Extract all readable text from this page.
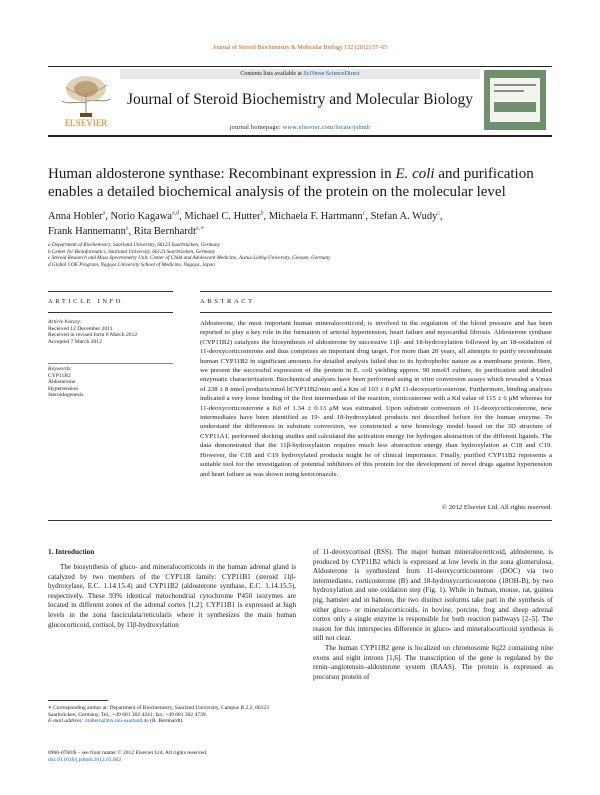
Journal of Steroid Biochemistry & Molecular Biology 132 (2012) 57–65
ELSEVIER
Contents lists available at SciVerse ScienceDirect
Journal of Steroid Biochemistry and Molecular Biology
journal homepage: www.elsevier.com/locate/jsbmb
Human aldosterone synthase: Recombinant expression in E. coli and purification enables a detailed biochemical analysis of the protein on the molecular level
Anna Hobler$^a$, Norio Kagawa$^{a,d}$, Michael C. Hutter$^b$, Michaela F. Hartmann$^c$, Stefan A. Wudy$^c$,
Frank Hannemann$^a$, Rita Bernhardt$^{a,∗}$
a Department of Biochemistry, Saarland University, 66123 Saarbrücken, Germany
b Center for Bioinformatics, Saarland University, 66123 Saarbrücken, Germany
c Steroid Research and Mass Spectrometry Unit, Center of Child and Adolescent Medicine, Justus-Liebig-University, Giessen, Germany
d Global COE Program, Nagoya University School of Medicine, Nagoya, Japan
ARTICLE INFO	ABSTRACT
Article history:
Received 12 December 2011
Received in revised form 6 March 2012
Accepted 7 March 2012
Keywords:
CYP11B2
Aldosterone
Hypertension
Steroidogenesis
Aldosterone, the most important human mineralocorticoid, is involved in the regulation of the blood pressure and has been reported to play a key role in the formation of arterial hypertension, heart failure and myocardial fibrosis. Aldosterone synthase (CYP11B2) catalyzes the biosynthesis of aldosterone by successive 11β- and 18-hydroxylation followed by an 18-oxidation of 11-deoxycorticosterone and thus comprises an important drug target. For more than 20 years, all attempts to purify recombinant human CYP11B2 in significant amounts for detailed analysis failed due to its hydrophobic nature as a membrane protein. Here, we present the successful expression of the protein in E. coli yielding approx. 90 nmol/l culture, its purification and detailed enzymatic characterization. Biochemical analyses have been performed using in vitro conversion assays which revealed a Vmax of 238 ± 8 nmol products/nmol hCYP11B2/min and a Km of 103 ± 8 μM 11-deoxycorticosterone. Furthermore, binding analyses indicated a very loose binding of the first intermediate of the reaction, corticosterone with a Kd value of 115 ± 6 μM whereas for 11-deoxycorticosterone a Kd of 1.34 ± 0.13 μM was estimated. Upon substrate conversion of 11-deoxycorticosterone, new intermediates have been identified as 19- and 18-hydroxylated products not described before for the human enzyme. To understand the differences in substrate conversion, we constructed a new homology model based on the 3D structure of CYP11A1, performed docking studies and calculated the activation energy for hydrogen abstraction of the different ligands. The data demonstrated that the 11β-hydroxylation requires much less abstraction energy than hydroxylation at C18 and C19. However, the C18 and C19 hydroxylated products might be of clinical importance. Finally, purified CYP11B2 represents a suitable tool for the investigation of potential inhibitors of this protein for the development of novel drugs against hypertension and heart failure as was shown using ketoconazole.
© 2012 Elsevier Ltd. All rights reserved.
1. Introduction
The biosynthesis of gluco- and mineralocorticoids in the human adrenal gland is catalyzed by two members of the CYP11B family: CYP11B1 (steroid 11β-hydroxylase, E.C. 1.14.15.4) and CYP11B2 (aldosterone synthase, E.C. 1.14.15.5), respectively. These 93% identical mitochondrial cytochrome P450 isozymes are located in different zones of the adrenal cortex [1,2]. CYP11B1 is expressed at high levels in the zona fasciculata/reticularis where it synthesizes the main human glucocorticoid, cortisol, by 11β-hydroxylation

of 11-deoxycortisol (RSS). The major human mineralocorticoid, aldosterone, is produced by CYP11B2 which is expressed at low levels in the zona glomerulosa. Aldosterone is synthesized from 11-deoxycorticosterone (DOC) via two intermediates, corticosterone (B) and 18-hydroxycorticosterone (18OH-B), by two hydroxylation and one oxidation step (Fig. 1). While in human, mouse, rat, guinea pig, hamster and in baboon, the two distinct isoforms take part in the synthesis of either gluco- or mineralocorticoids, in bovine, porcine, frog and sheep adrenal cortex only a single enzyme is responsible for both reaction pathways [2–5]. The reason for this interspecies difference in gluco- and mineralocorticoid synthesis is still not clear.

The human CYP11B2 gene is localized on chromosome 8q22 containing nine exons and eight introns [1,6]. The transcription of the gene is regulated by the renin–angiotensin–aldosterone system (RAAS). The protein is expressed as precursor protein of

∗ Corresponding author at: Department of Biochemistry, Saarland University, Campus B 2.2, 66123 Saarbrücken, Germany. Tel.: +49 681 302 4241; fax: +49 681 302 4739.
E-mail address: ritabern@mx.uni-saarland.de (R. Bernhardt).
0960-0760/$ – see front matter © 2012 Elsevier Ltd. All rights reserved.
doi:10.1016/j.jsbmb.2012.03.002
